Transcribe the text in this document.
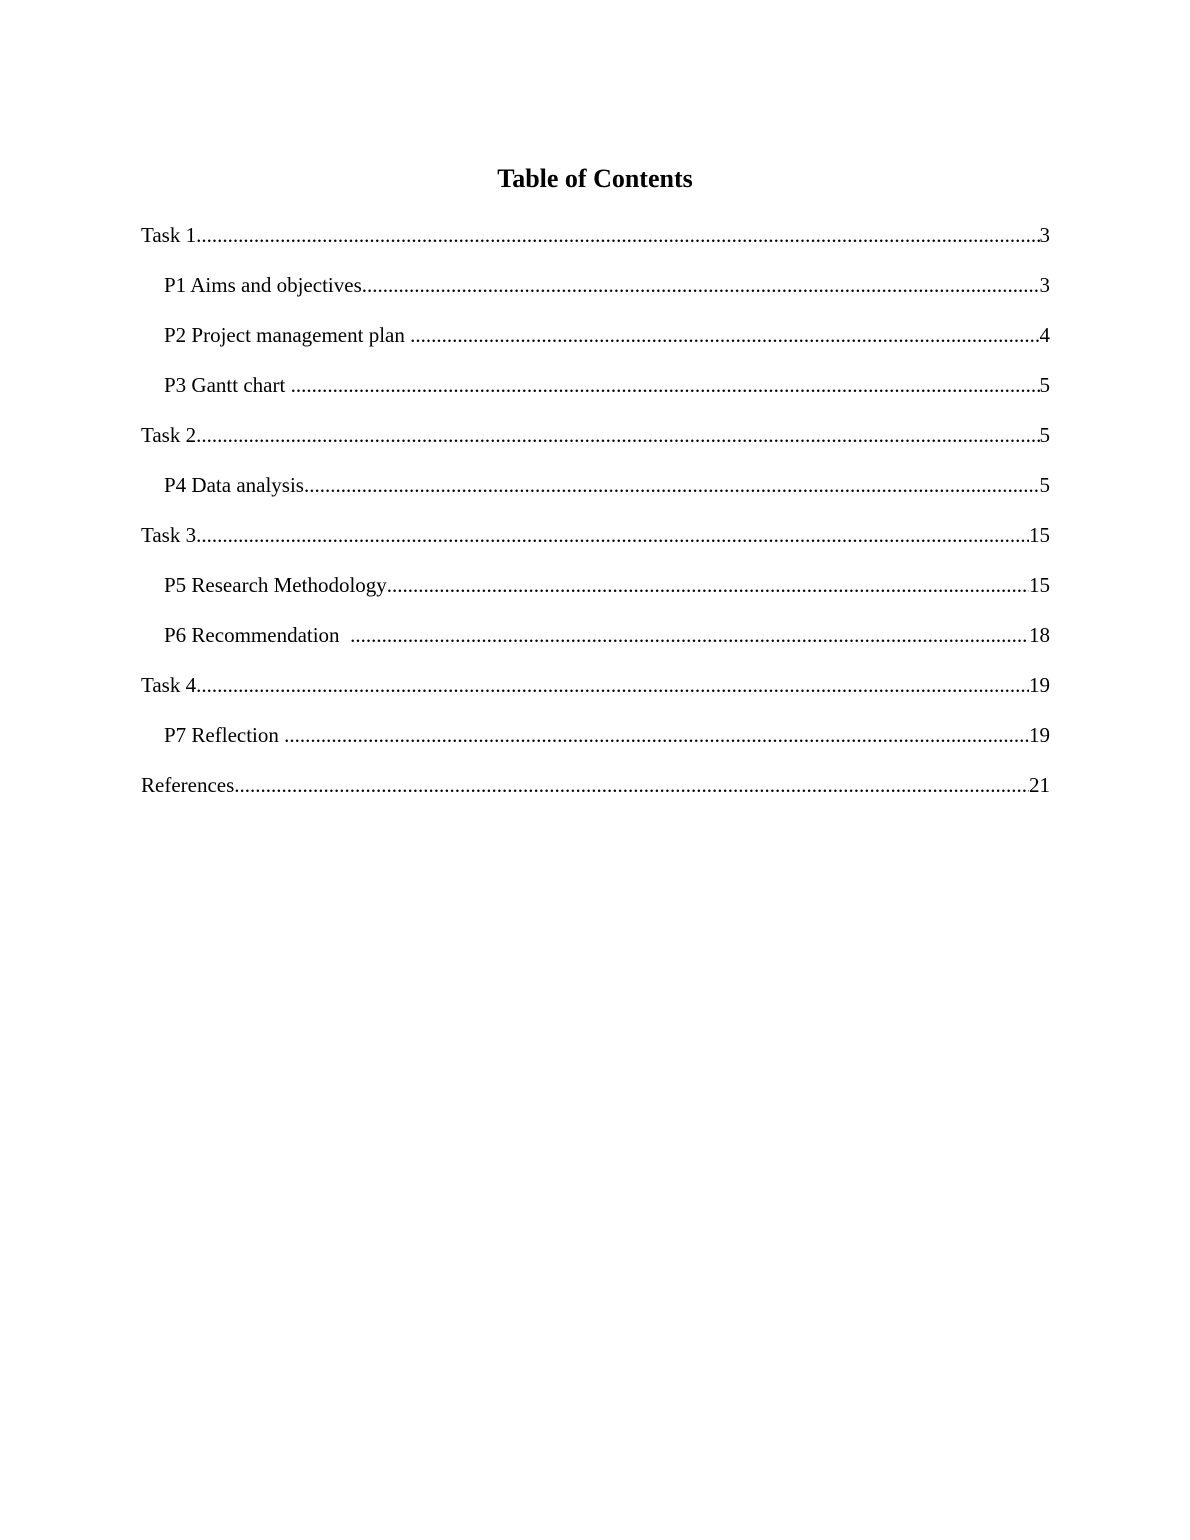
Table of Contents
Task 1 .....	3
P1 Aims and objectives .....	3
P2 Project management plan .....	4
P3 Gantt chart .....	5
Task 2 .....	5
P4 Data analysis .....	5
Task 3 .....	15
P5 Research Methodology .....	15
P6 Recommendation .....	18
Task 4 .....	19
P7 Reflection .....	19
References .....	21
